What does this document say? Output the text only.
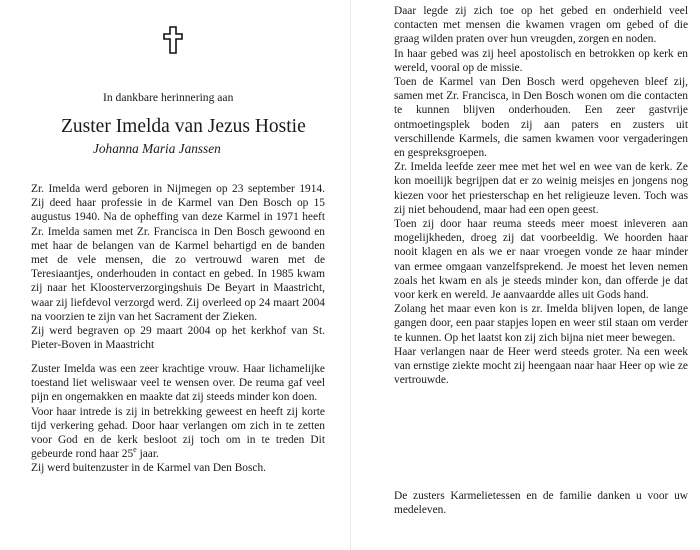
In dankbare herinnering aan
Zuster Imelda van Jezus Hostie
Johanna Maria Janssen
Zr. Imelda werd geboren in Nijmegen op 23 september 1914. Zij deed haar professie in de Karmel van Den Bosch op 15 augustus 1940. Na de opheffing van deze Karmel in 1971 heeft Zr. Imelda samen met Zr. Francisca in Den Bosch gewoond en met haar de belangen van de Karmel behartigd en de banden met de vele mensen, die zo vertrouwd waren met de Teresiaantjes, onderhouden in contact en gebed. In 1985 kwam zij naar het Kloosterverzorgingshuis De Beyart in Maastricht, waar zij liefdevol verzorgd werd. Zij overleed op 24 maart 2004 na voorzien te zijn van het Sacrament der Zieken.
Zij werd begraven op 29 maart 2004 op het kerkhof van St. Pieter-Boven in Maastricht
Zuster Imelda was een zeer krachtige vrouw. Haar lichamelijke toestand liet weliswaar veel te wensen over. De reuma gaf veel pijn en ongemakken en maakte dat zij steeds minder kon doen.
Voor haar intrede is zij in betrekking geweest en heeft zij korte tijd verkering gehad. Door haar verlangen om zich in te zetten voor God en de kerk besloot zij toch om in te treden Dit gebeurde rond haar 25e jaar.
Zij werd buitenzuster in de Karmel van Den Bosch.
Daar legde zij zich toe op het gebed en onderhield veel contacten met mensen die kwamen vragen om gebed of die graag wilden praten over hun vreugden, zorgen en noden.
In haar gebed was zij heel apostolisch en betrokken op kerk en wereld, vooral op de missie.
Toen de Karmel van Den Bosch werd opgeheven bleef zij, samen met Zr. Francisca, in Den Bosch wonen om die contacten te kunnen blijven onderhouden. Een zeer gastvrije ontmoetingsplek boden zij aan paters en zusters uit verschillende Karmels, die samen kwamen voor vergaderingen en gespreksgroepen.
Zr. Imelda leefde zeer mee met het wel en wee van de kerk. Ze kon moeilijk begrijpen dat er zo weinig meisjes en jongens nog kiezen voor het priesterschap en het religieuze leven. Toch was zij niet behoudend, maar had een open geest.
Toen zij door haar reuma steeds meer moest inleveren aan mogelijkheden, droeg zij dat voorbeeldig. We hoorden haar nooit klagen en als we er naar vroegen vonde ze haar minder van ermee omgaan vanzelfsprekend. Je moest het leven nemen zoals het kwam en als je steeds minder kon, dan offerde je dat voor kerk en wereld. Je aanvaardde alles uit Gods hand.
Zolang het maar even kon is zr. Imelda blijven lopen, de lange gangen door, een paar stapjes lopen en weer stil staan om verder te kunnen. Op het laatst kon zij zich bijna niet meer bewegen.
Haar verlangen naar de Heer werd steeds groter. Na een week van ernstige ziekte mocht zij heengaan naar haar Heer op wie ze vertrouwde.
De zusters Karmelietessen en de familie danken u voor uw medeleven.
